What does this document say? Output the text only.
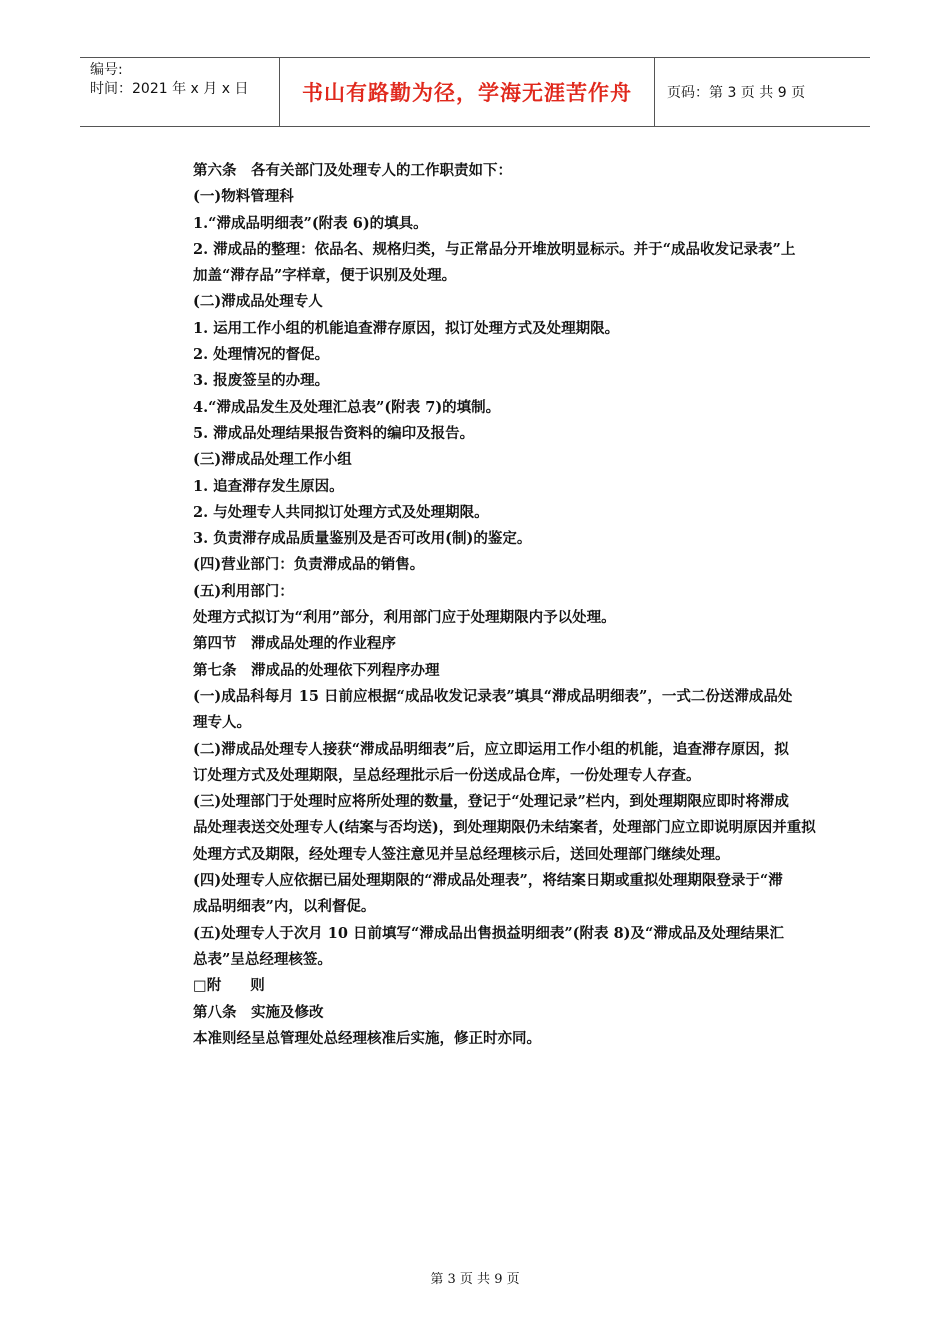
编号:
时间：2021 年 x 月 x 日	书山有路勤为径，学海无涯苦作舟	页码：第 3 页 共 9 页
第六条　各有关部门及处理专人的工作职责如下：
(一)物料管理科
1.“滞成品明细表”(附表 6)的填具。
2. 滞成品的整理：依品名、规格归类，与正常品分开堆放明显标示。并于“成品收发记录表”上
加盖“滞存品”字样章，便于识别及处理。
(二)滞成品处理专人
1. 运用工作小组的机能追查滞存原因，拟订处理方式及处理期限。
2. 处理情况的督促。
3. 报废签呈的办理。
4.“滞成品发生及处理汇总表”(附表 7)的填制。
5. 滞成品处理结果报告资料的编印及报告。
(三)滞成品处理工作小组
1. 追查滞存发生原因。
2. 与处理专人共同拟订处理方式及处理期限。
3. 负责滞存成品质量鉴别及是否可改用(制)的鉴定。
(四)营业部门：负责滞成品的销售。
(五)利用部门：
处理方式拟订为“利用”部分，利用部门应于处理期限内予以处理。
第四节　滞成品处理的作业程序
第七条　滞成品的处理依下列程序办理
(一)成品科每月 15 日前应根据“成品收发记录表”填具“滞成品明细表”，一式二份送滞成品处
理专人。
(二)滞成品处理专人接获“滞成品明细表”后，应立即运用工作小组的机能，追查滞存原因，拟
订处理方式及处理期限，呈总经理批示后一份送成品仓库，一份处理专人存查。
(三)处理部门于处理时应将所处理的数量，登记于“处理记录”栏内，到处理期限应即时将滞成
品处理表送交处理专人(结案与否均送)，到处理期限仍未结案者，处理部门应立即说明原因并重拟
处理方式及期限，经处理专人签注意见并呈总经理核示后，送回处理部门继续处理。
(四)处理专人应依据已届处理期限的“滞成品处理表”，将结案日期或重拟处理期限登录于“滞
成品明细表”内，以利督促。
(五)处理专人于次月 10 日前填写“滞成品出售损益明细表”(附表 8)及“滞成品及处理结果汇
总表”呈总经理核签。
□附　　则
第八条　实施及修改
本准则经呈总管理处总经理核准后实施，修正时亦同。
第 3 页 共 9 页
